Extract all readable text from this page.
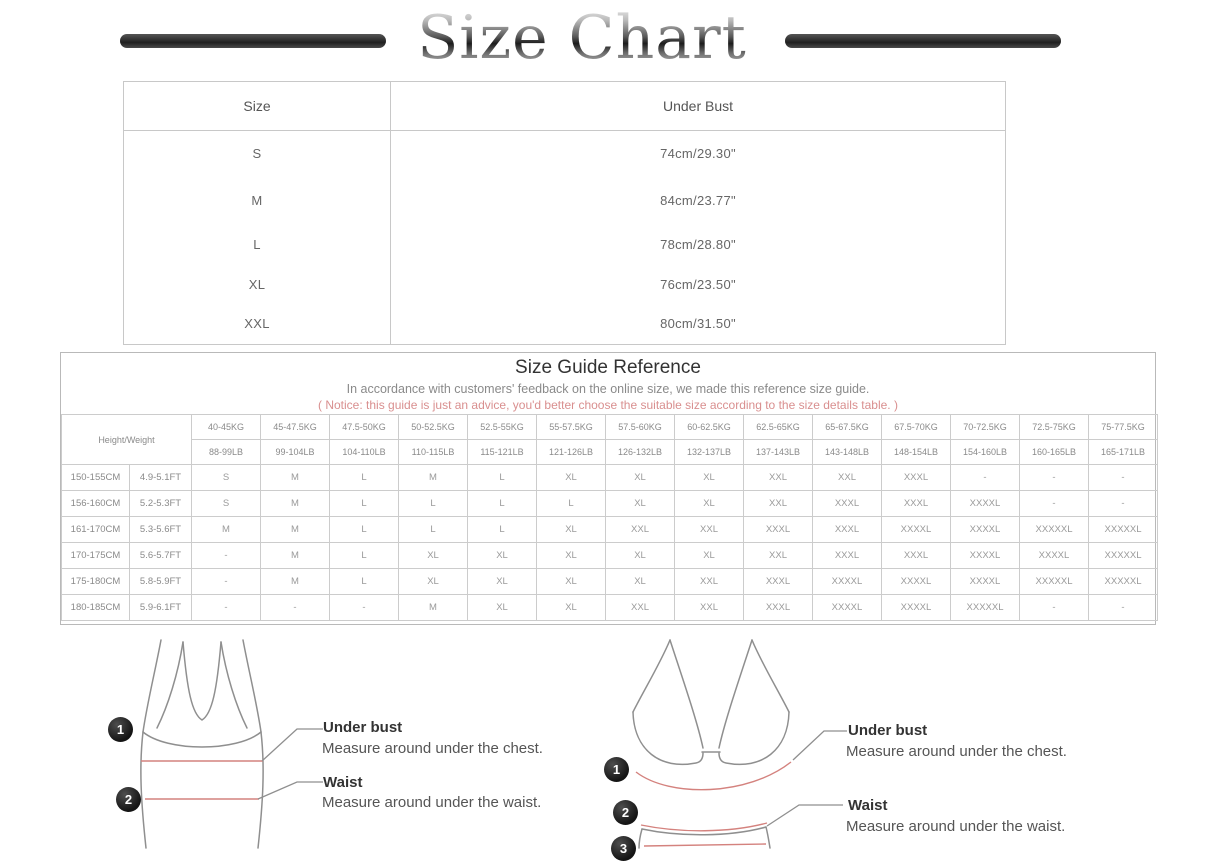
Size Chart
Size	Under Bust
S	74cm/29.30"
M	84cm/23.77"
L	78cm/28.80"
XL	76cm/23.50"
XXL	80cm/31.50"
Size Guide Reference
In accordance with customers' feedback on the online size, we made this reference size guide.
( Notice: this guide is just an advice, you'd better choose the suitable size according to the size details table. )
Height/Weight		40-45KG	45-47.5KG	47.5-50KG	50-52.5KG	52.5-55KG	55-57.5KG	57.5-60KG	60-62.5KG	62.5-65KG	65-67.5KG	67.5-70KG	70-72.5KG	72.5-75KG	75-77.5KG
		88-99LB	99-104LB	104-110LB	110-115LB	115-121LB	121-126LB	126-132LB	132-137LB	137-143LB	143-148LB	148-154LB	154-160LB	160-165LB	165-171LB
150-155CM	4.9-5.1FT	S	M	L	M	L	XL	XL	XL	XXL	XXL	XXXL	-	-	-
156-160CM	5.2-5.3FT	S	M	L	L	L	L	XL	XL	XXL	XXXL	XXXL	XXXXL	-	-
161-170CM	5.3-5.6FT	M	M	L	L	L	XL	XXL	XXL	XXXL	XXXL	XXXXL	XXXXL	XXXXXL	XXXXXL
170-175CM	5.6-5.7FT	-	M	L	XL	XL	XL	XL	XL	XXL	XXXL	XXXL	XXXXL	XXXXL	XXXXXL
175-180CM	5.8-5.9FT	-	M	L	XL	XL	XL	XL	XXL	XXXL	XXXXL	XXXXL	XXXXL	XXXXXL	XXXXXL
180-185CM	5.9-6.1FT	-	-	-	M	XL	XL	XXL	XXL	XXXL	XXXXL	XXXXL	XXXXXL	-	-
1
2
1
2
3
Under bust
Measure around under the chest.
Waist
Measure around under the waist.
Under bust
Measure around under the chest.
Waist
Measure around under the waist.
